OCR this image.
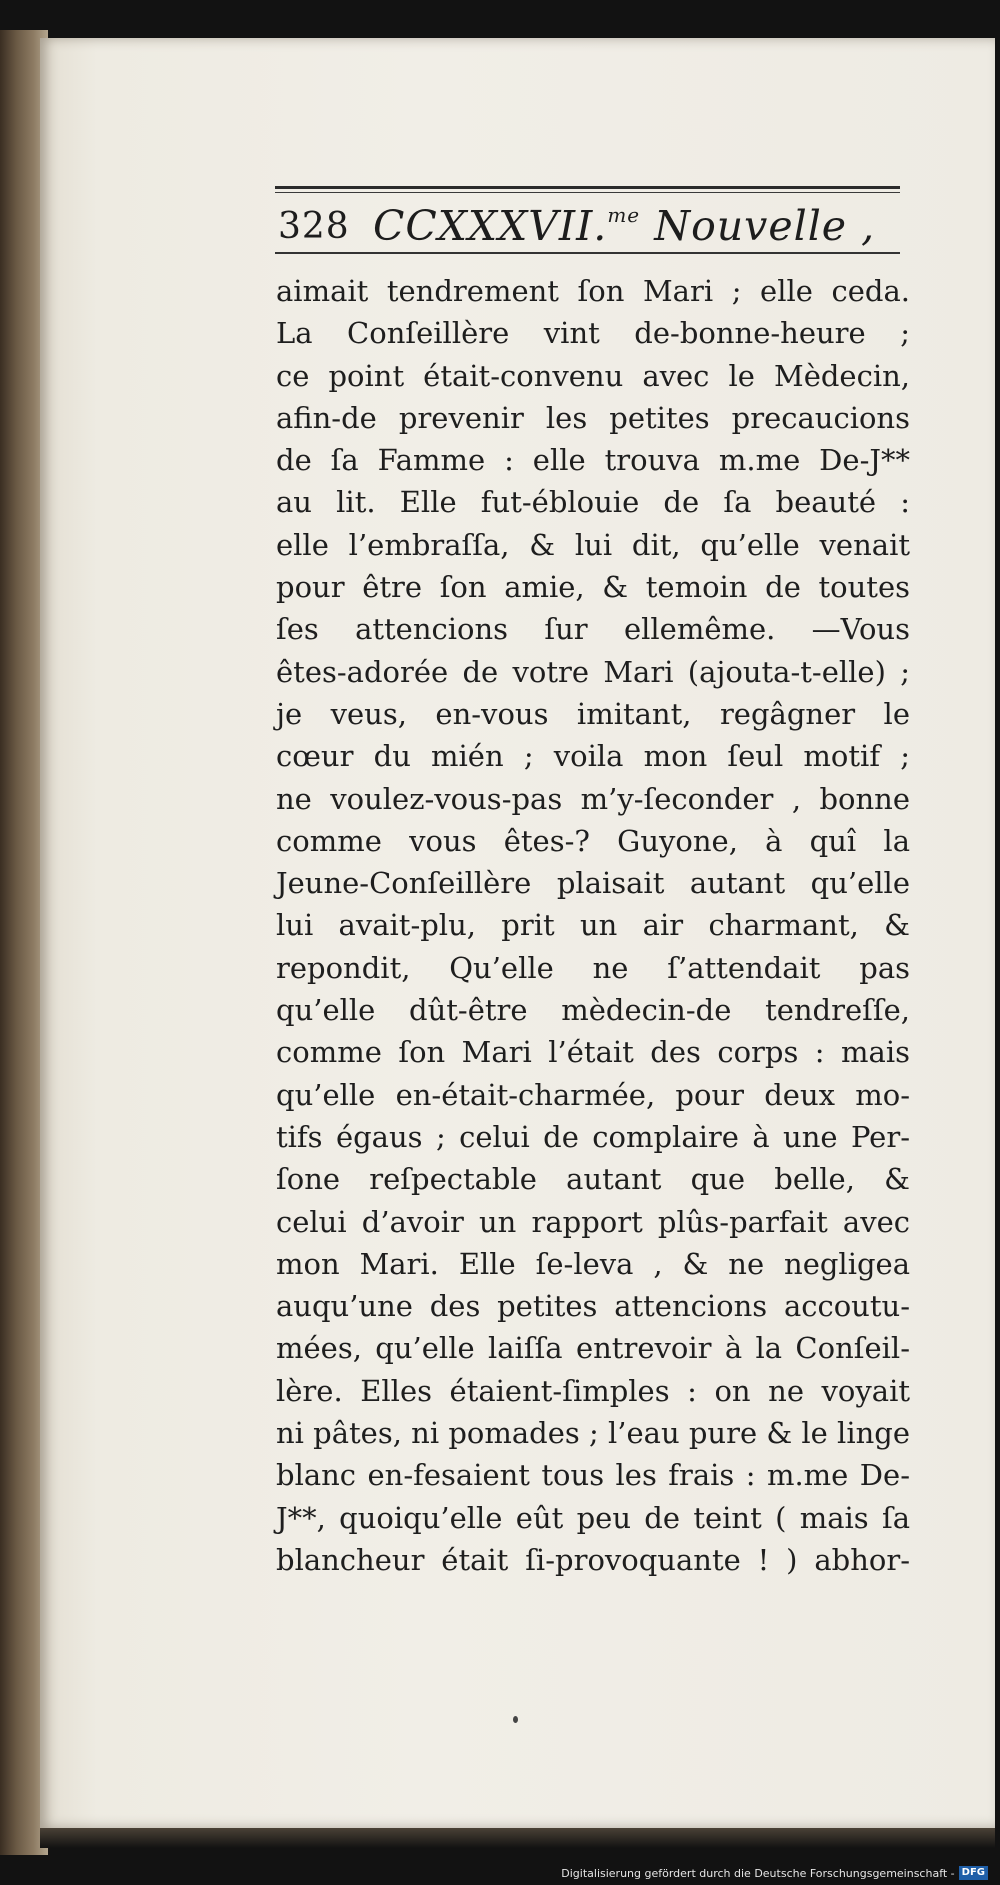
328 CCXXXVII.$^{me}$ Nouvelle ,
aimait tendrement ſon Mari ; elle ceda.
La Conſeillère vint de-bonne-heure ;
ce point était-convenu avec le Mèdecin,
afin-de prevenir les petites precaucions
de ſa Famme : elle trouva m.me De-J**
au lit. Elle fut-éblouie de ſa beauté :
elle l’embraſſa, & lui dit, qu’elle venait
pour être ſon amie, & temoin de toutes
ſes attencions ſur ellemême. —Vous
êtes-adorée de votre Mari (ajouta-t-elle) ;
je veus, en-vous imitant, regâgner le
cœur du mién ; voila mon ſeul motif ;
ne voulez-vous-pas m’y-ſeconder , bonne
comme vous êtes-? Guyone, à quî la
Jeune-Conſeillère plaisait autant qu’elle
lui avait-plu, prit un air charmant, &
repondit, Qu’elle ne ſ’attendait pas
qu’elle dût-être mèdecin-de tendreſſe,
comme ſon Mari l’était des corps : mais
qu’elle en-était-charmée, pour deux mo-
tifs égaus ; celui de complaire à une Per-
ſone reſpectable autant que belle, &
celui d’avoir un rapport plûs-parfait avec
mon Mari. Elle ſe-leva , & ne negligea
auqu’une des petites attencions accoutu-
mées, qu’elle laiſſa entrevoir à la Conſeil-
lère. Elles étaient-ſimples : on ne voyait
ni pâtes, ni pomades ; l’eau pure & le linge
blanc en-fesaient tous les frais : m.me De-
J**, quoiqu’elle eût peu de teint ( mais ſa
blancheur était ſi-provoquante ! ) abhor-
Digitalisierung gefördert durch die Deutsche Forschungsgemeinschaft - DFG
